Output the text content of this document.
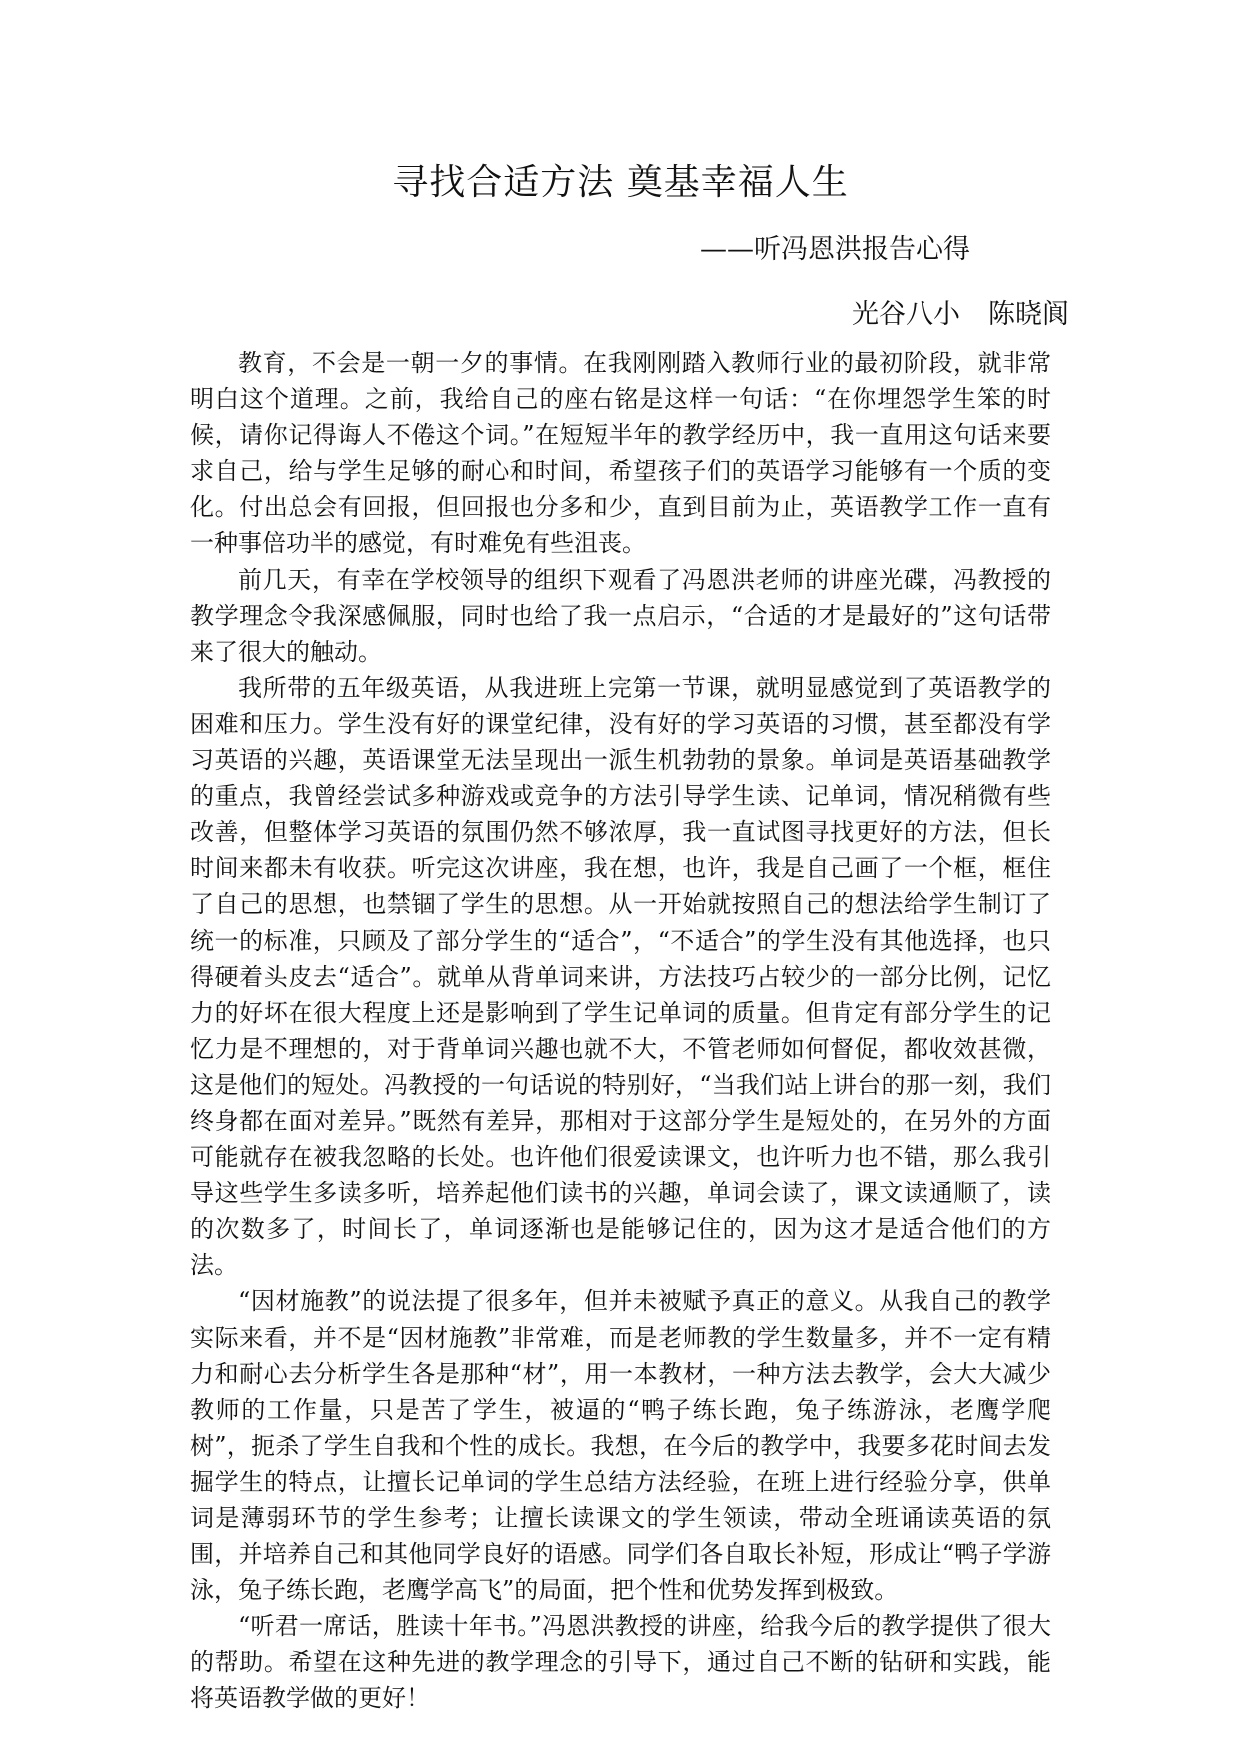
寻找合适方法 奠基幸福人生
——听冯恩洪报告心得
光谷八小 陈晓阆

教育，不会是一朝一夕的事情。在我刚刚踏入教师行业的最初阶段，就非常明白这个道理。之前，我给自己的座右铭是这样一句话：“在你埋怨学生笨的时候，请你记得诲人不倦这个词。”在短短半年的教学经历中，我一直用这句话来要求自己，给与学生足够的耐心和时间，希望孩子们的英语学习能够有一个质的变化。付出总会有回报，但回报也分多和少，直到目前为止，英语教学工作一直有一种事倍功半的感觉，有时难免有些沮丧。

前几天，有幸在学校领导的组织下观看了冯恩洪老师的讲座光碟，冯教授的教学理念令我深感佩服，同时也给了我一点启示，“合适的才是最好的”这句话带来了很大的触动。

我所带的五年级英语，从我进班上完第一节课，就明显感觉到了英语教学的困难和压力。学生没有好的课堂纪律，没有好的学习英语的习惯，甚至都没有学习英语的兴趣，英语课堂无法呈现出一派生机勃勃的景象。单词是英语基础教学的重点，我曾经尝试多种游戏或竞争的方法引导学生读、记单词，情况稍微有些改善，但整体学习英语的氛围仍然不够浓厚，我一直试图寻找更好的方法，但长时间来都未有收获。听完这次讲座，我在想，也许，我是自己画了一个框，框住了自己的思想，也禁锢了学生的思想。从一开始就按照自己的想法给学生制订了统一的标准，只顾及了部分学生的“适合”，“不适合”的学生没有其他选择，也只得硬着头皮去“适合”。就单从背单词来讲，方法技巧占较少的一部分比例，记忆力的好坏在很大程度上还是影响到了学生记单词的质量。但肯定有部分学生的记忆力是不理想的，对于背单词兴趣也就不大，不管老师如何督促，都收效甚微，这是他们的短处。冯教授的一句话说的特别好，“当我们站上讲台的那一刻，我们终身都在面对差异。”既然有差异，那相对于这部分学生是短处的，在另外的方面可能就存在被我忽略的长处。也许他们很爱读课文，也许听力也不错，那么我引导这些学生多读多听，培养起他们读书的兴趣，单词会读了，课文读通顺了，读的次数多了，时间长了，单词逐渐也是能够记住的，因为这才是适合他们的方法。

“因材施教”的说法提了很多年，但并未被赋予真正的意义。从我自己的教学实际来看，并不是“因材施教”非常难，而是老师教的学生数量多，并不一定有精力和耐心去分析学生各是那种“材”，用一本教材，一种方法去教学，会大大减少教师的工作量，只是苦了学生，被逼的“鸭子练长跑，兔子练游泳，老鹰学爬树”，扼杀了学生自我和个性的成长。我想，在今后的教学中，我要多花时间去发掘学生的特点，让擅长记单词的学生总结方法经验，在班上进行经验分享，供单词是薄弱环节的学生参考；让擅长读课文的学生领读，带动全班诵读英语的氛围，并培养自己和其他同学良好的语感。同学们各自取长补短，形成让“鸭子学游泳，兔子练长跑，老鹰学高飞”的局面，把个性和优势发挥到极致。

“听君一席话，胜读十年书。”冯恩洪教授的讲座，给我今后的教学提供了很大的帮助。希望在这种先进的教学理念的引导下，通过自己不断的钻研和实践，能将英语教学做的更好！
